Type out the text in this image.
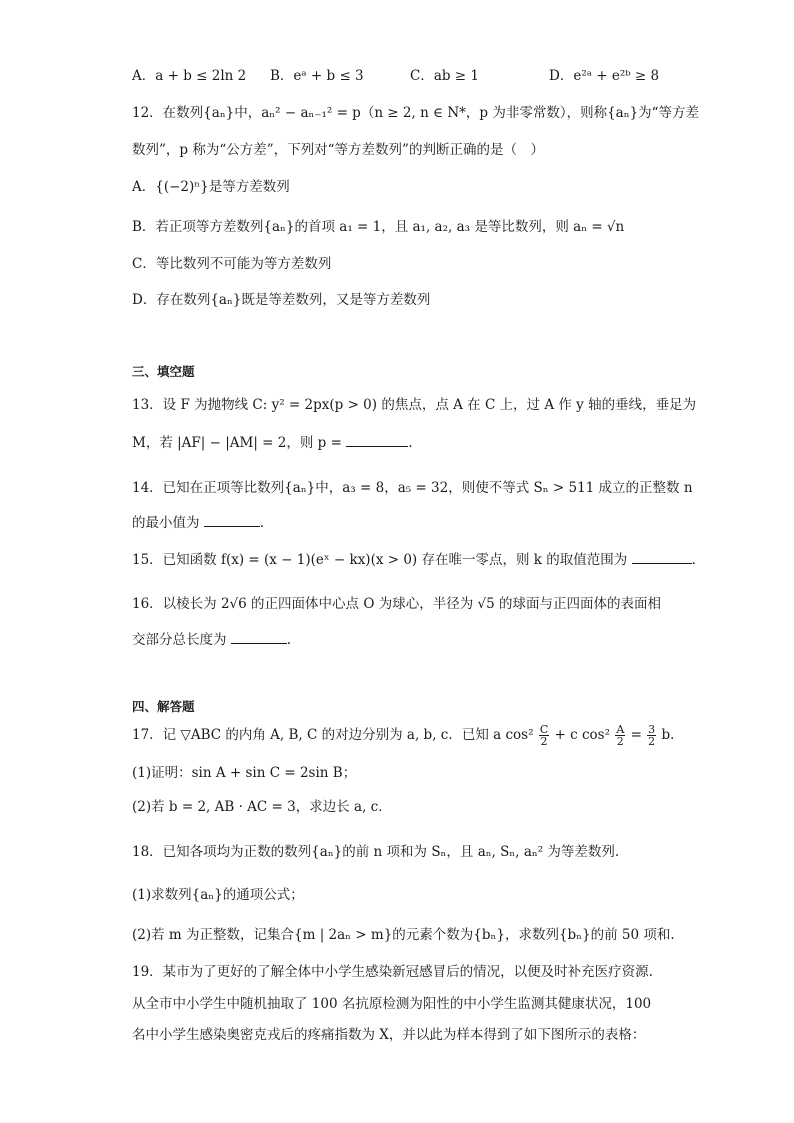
A．a + b ≤ 2ln 2 B．eᵃ + b ≤ 3	C．ab ≥ 1	D．e²ᵃ + e²ᵇ ≥ 8
12．在数列{aₙ}中，aₙ² − aₙ₋₁² = p（n ≥ 2, n ∈ N*，p 为非零常数），则称{aₙ}为“等方差
数列”，p 称为“公方差”，下列对“等方差数列”的判断正确的是（　）
A．{(−2)ⁿ}是等方差数列
B．若正项等方差数列{aₙ}的首项 a₁ = 1，且 a₁, a₂, a₃ 是等比数列，则 aₙ = √n
C．等比数列不可能为等方差数列
D．存在数列{aₙ}既是等差数列，又是等方差数列
三、填空题
13．设 F 为抛物线 C: y² = 2px(p > 0) 的焦点，点 A 在 C 上，过 A 作 y 轴的垂线，垂足为
M，若 |AF| − |AM| = 2，则 p =	.
14．已知在正项等比数列{aₙ}中，a₃ = 8，a₅ = 32，则使不等式 Sₙ > 511 成立的正整数 n
的最小值为	.
15．已知函数 f(x) = (x − 1)(eˣ − kx)(x > 0) 存在唯一零点，则 k 的取值范围为	.
16．以棱长为 2√6 的正四面体中心点 O 为球心，半径为 √5 的球面与正四面体的表面相
交部分总长度为	.
四、解答题
17．记 ▽ABC 的内角 A, B, C 的对边分别为 a, b, c．已知 a $\cos^2 \frac{C}{2} + c$ $\cos^2 \frac{A}{2} = \frac{3}{2}$ b．
(1)证明：sin A + sin C = 2sin B；
(2)若 b = 2, AB · AC = 3，求边长 a, c．
18．已知各项均为正数的数列{aₙ}的前 n 项和为 Sₙ，且 aₙ, Sₙ, aₙ² 为等差数列.
(1)求数列{aₙ}的通项公式；
(2)若 m 为正整数，记集合{m | 2aₙ > m}的元素个数为{bₙ}，求数列{bₙ}的前 50 项和.
19．某市为了更好的了解全体中小学生感染新冠感冒后的情况，以便及时补充医疗资源.
从全市中小学生中随机抽取了 100 名抗原检测为阳性的中小学生监测其健康状况，100
名中小学生感染奥密克戎后的疼痛指数为 X，并以此为样本得到了如下图所示的表格：
